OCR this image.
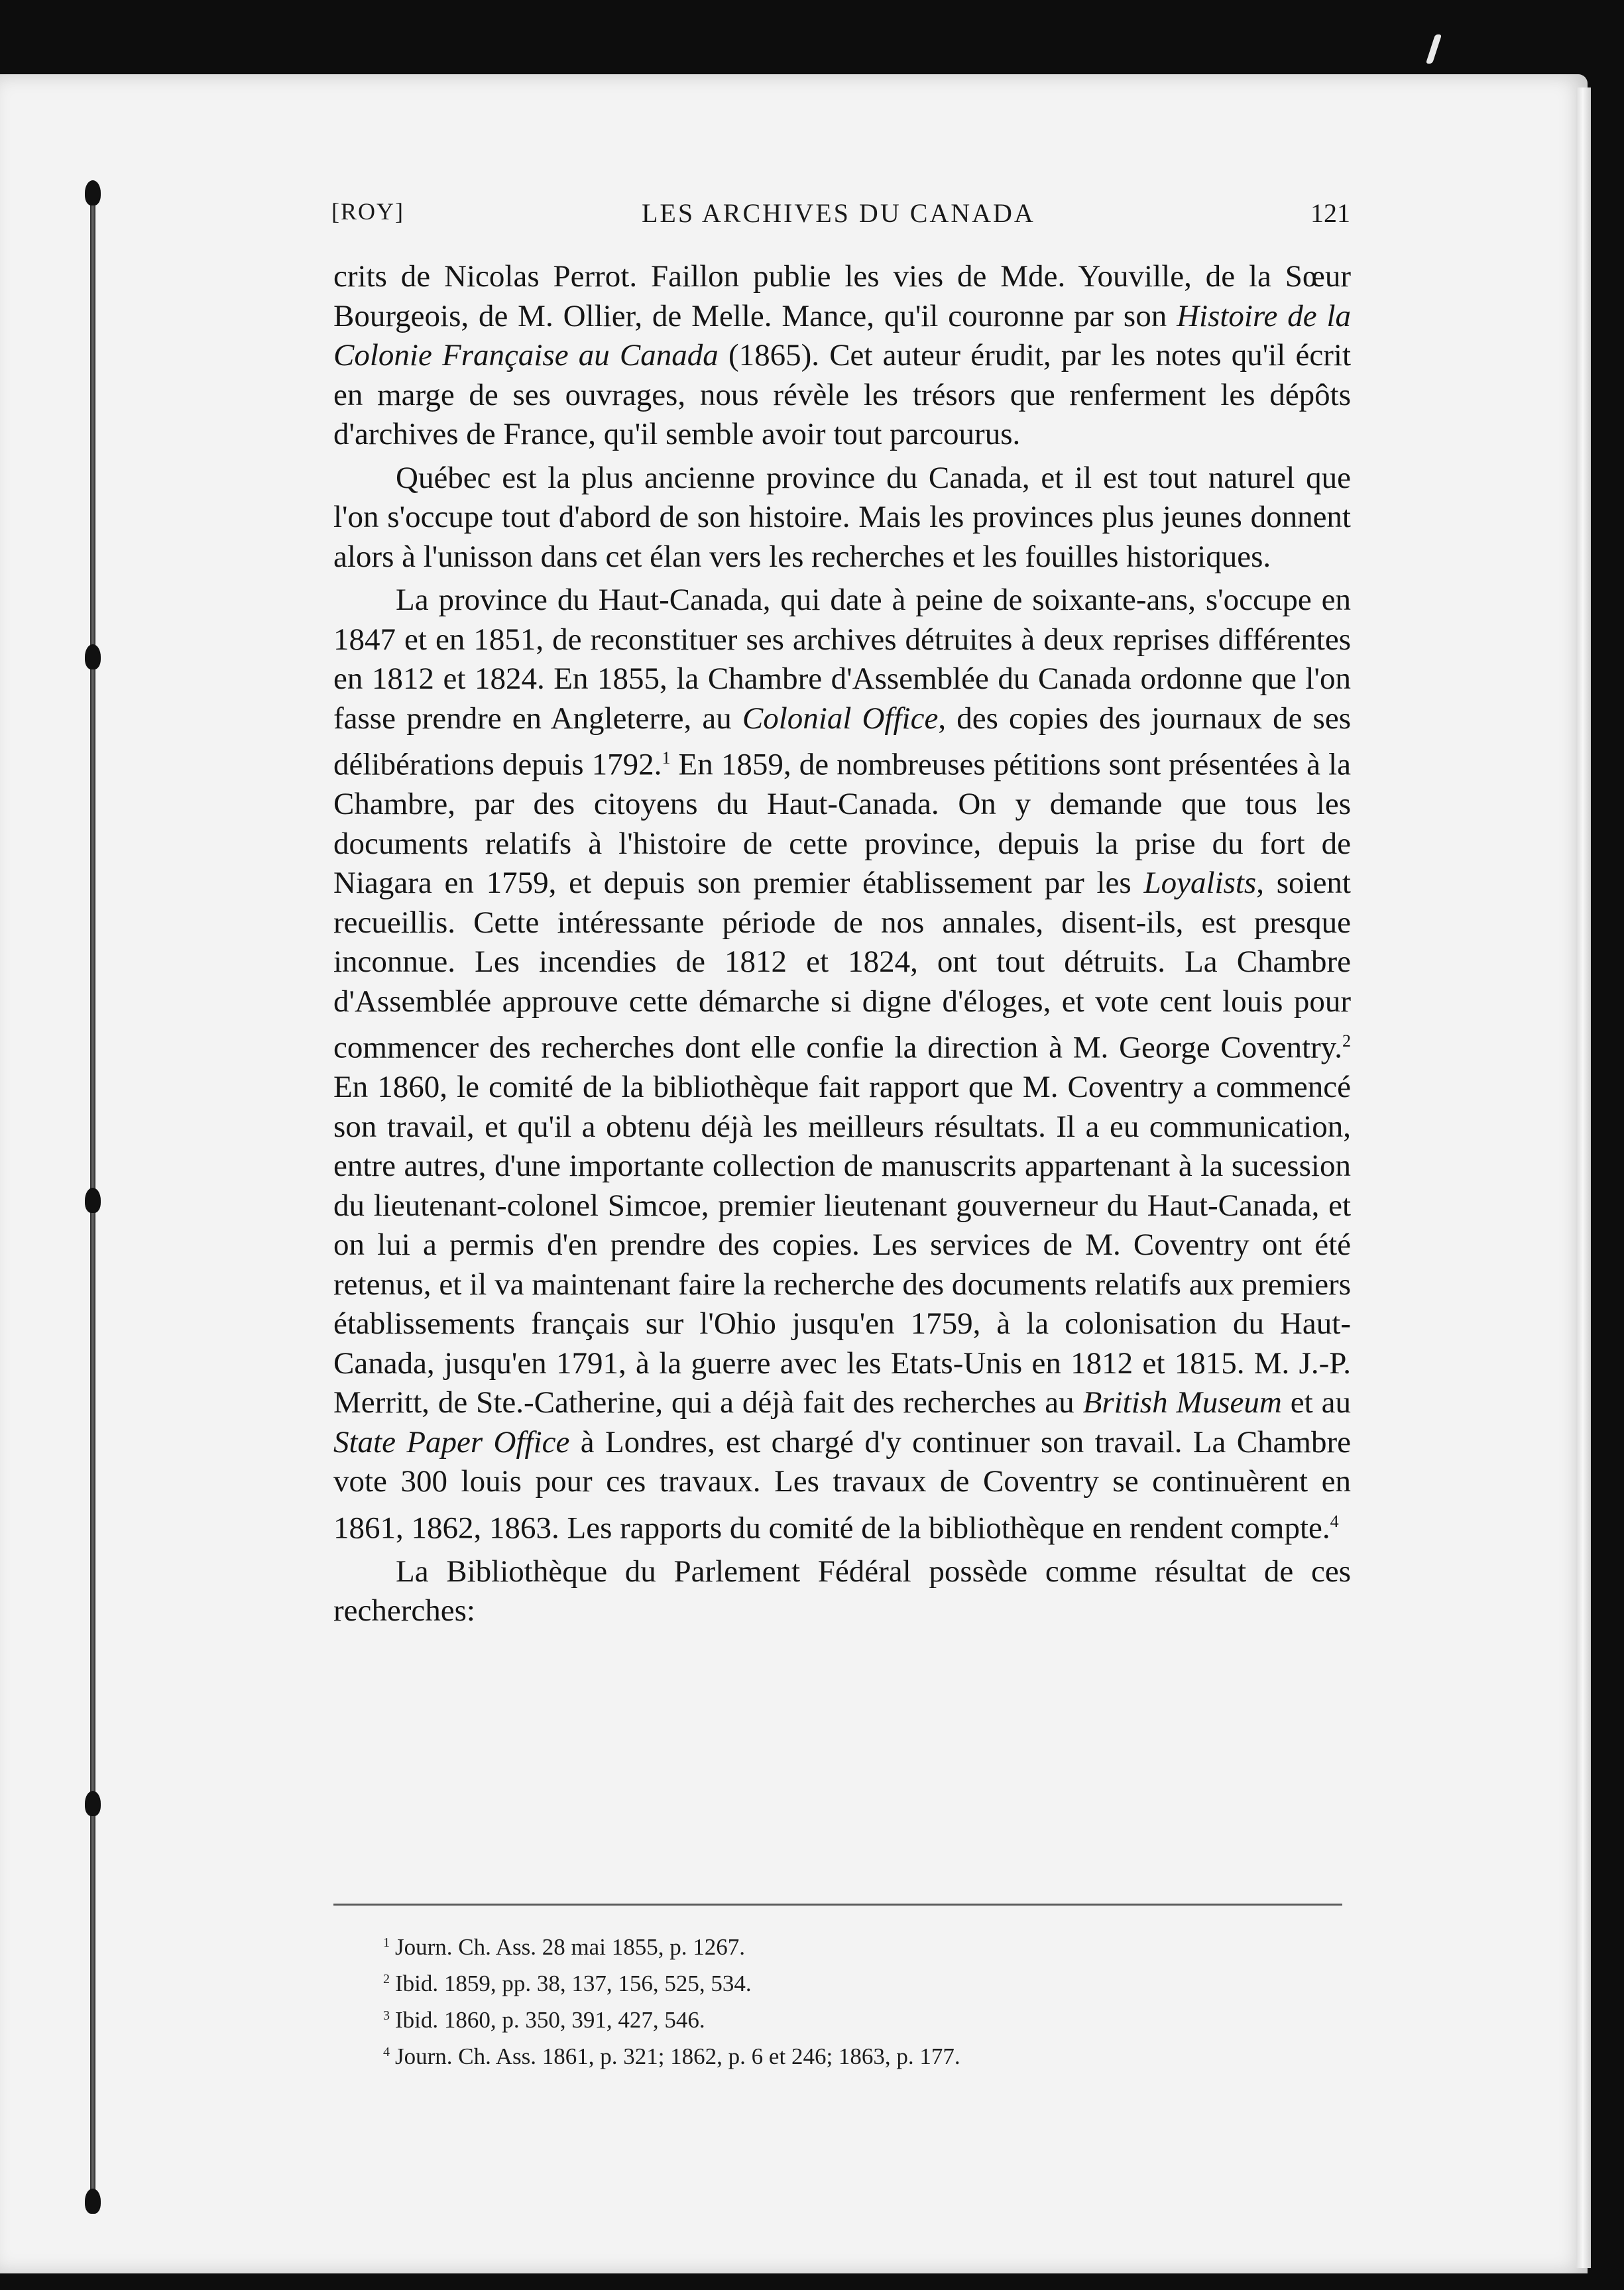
[ROY]	LES ARCHIVES DU CANADA	121

crits de Nicolas Perrot. Faillon publie les vies de Mde. Youville, de la Sœur Bourgeois, de M. Ollier, de Melle. Mance, qu'il couronne par son Histoire de la Colonie Française au Canada (1865). Cet auteur érudit, par les notes qu'il écrit en marge de ses ouvrages, nous révèle les trésors que renferment les dépôts d'archives de France, qu'il semble avoir tout parcourus.

Québec est la plus ancienne province du Canada, et il est tout naturel que l'on s'occupe tout d'abord de son histoire. Mais les provinces plus jeunes donnent alors à l'unisson dans cet élan vers les recherches et les fouilles historiques.

La province du Haut-Canada, qui date à peine de soixante-ans, s'occupe en 1847 et en 1851, de reconstituer ses archives détruites à deux reprises différentes en 1812 et 1824. En 1855, la Chambre d'Assemblée du Canada ordonne que l'on fasse prendre en Angleterre, au Colonial Office, des copies des journaux de ses délibérations depuis 1792.$^1$ En 1859, de nombreuses pétitions sont présentées à la Chambre, par des citoyens du Haut-Canada. On y demande que tous les documents relatifs à l'histoire de cette province, depuis la prise du fort de Niagara en 1759, et depuis son premier établissement par les Loyalists, soient recueillis. Cette intéressante période de nos annales, disent-ils, est presque inconnue. Les incendies de 1812 et 1824, ont tout détruits. La Chambre d'Assemblée approuve cette démarche si digne d'éloges, et vote cent louis pour commencer des recherches dont elle confie la direction à M. George Coventry.$^2$ En 1860, le comité de la bibliothèque fait rapport que M. Coventry a commencé son travail, et qu'il a obtenu déjà les meilleurs résultats. Il a eu communication, entre autres, d'une importante collection de manuscrits appartenant à la sucession du lieutenant-colonel Simcoe, premier lieutenant gouverneur du Haut-Canada, et on lui a permis d'en prendre des copies. Les services de M. Coventry ont été retenus, et il va maintenant faire la recherche des documents relatifs aux premiers établissements français sur l'Ohio jusqu'en 1759, à la colonisation du Haut-Canada, jusqu'en 1791, à la guerre avec les Etats-Unis en 1812 et 1815. M. J.-P. Merritt, de Ste.-Catherine, qui a déjà fait des recherches au British Museum et au State Paper Office à Londres, est chargé d'y continuer son travail. La Chambre vote 300 louis pour ces travaux. Les travaux de Coventry se continuèrent en 1861, 1862, 1863. Les rapports du comité de la bibliothèque en rendent compte.$^4$

La Bibliothèque du Parlement Fédéral possède comme résultat de ces recherches:

$^1$ Journ. Ch. Ass. 28 mai 1855, p. 1267.
$^2$ Ibid. 1859, pp. 38, 137, 156, 525, 534.
$^3$ Ibid. 1860, p. 350, 391, 427, 546.
$^4$ Journ. Ch. Ass. 1861, p. 321; 1862, p. 6 et 246; 1863, p. 177.
